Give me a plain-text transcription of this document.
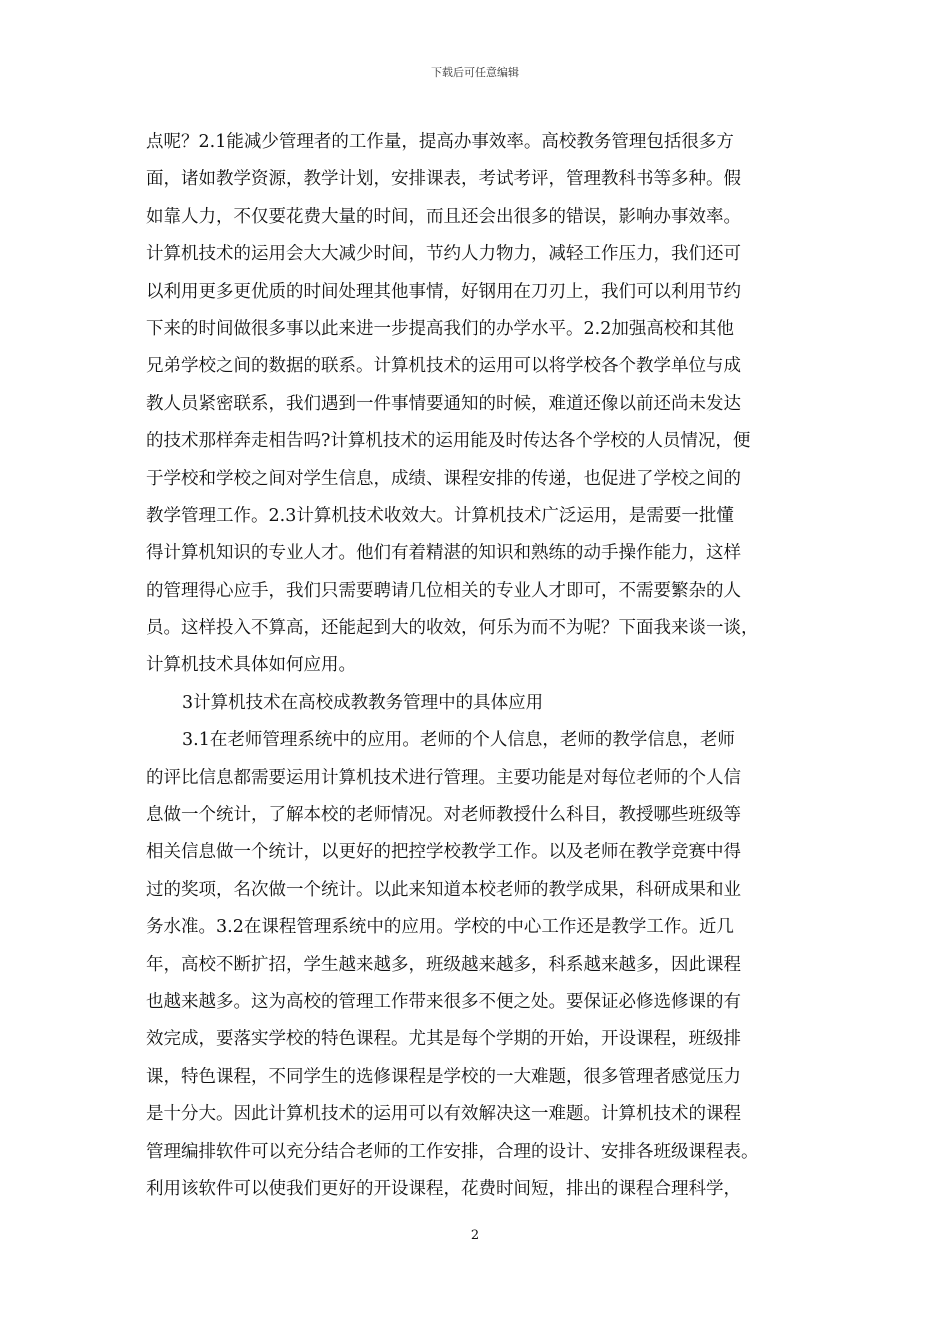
下载后可任意编辑
点呢？2.1能减少管理者的工作量，提高办事效率。高校教务管理包括很多方
面，诸如教学资源，教学计划，安排课表，考试考评，管理教科书等多种。假
如靠人力，不仅要花费大量的时间，而且还会出很多的错误，影响办事效率。
计算机技术的运用会大大减少时间，节约人力物力，减轻工作压力，我们还可
以利用更多更优质的时间处理其他事情，好钢用在刀刃上，我们可以利用节约
下来的时间做很多事以此来进一步提高我们的办学水平。2.2加强高校和其他
兄弟学校之间的数据的联系。计算机技术的运用可以将学校各个教学单位与成
教人员紧密联系，我们遇到一件事情要通知的时候，难道还像以前还尚未发达
的技术那样奔走相告吗?计算机技术的运用能及时传达各个学校的人员情况，便
于学校和学校之间对学生信息，成绩、课程安排的传递，也促进了学校之间的
教学管理工作。2.3计算机技术收效大。计算机技术广泛运用，是需要一批懂
得计算机知识的专业人才。他们有着精湛的知识和熟练的动手操作能力，这样
的管理得心应手，我们只需要聘请几位相关的专业人才即可，不需要繁杂的人
员。这样投入不算高，还能起到大的收效，何乐为而不为呢？下面我来谈一谈，
计算机技术具体如何应用。
3计算机技术在高校成教教务管理中的具体应用
3.1在老师管理系统中的应用。老师的个人信息，老师的教学信息，老师
的评比信息都需要运用计算机技术进行管理。主要功能是对每位老师的个人信
息做一个统计，了解本校的老师情况。对老师教授什么科目，教授哪些班级等
相关信息做一个统计，以更好的把控学校教学工作。以及老师在教学竞赛中得
过的奖项，名次做一个统计。以此来知道本校老师的教学成果，科研成果和业
务水准。3.2在课程管理系统中的应用。学校的中心工作还是教学工作。近几
年，高校不断扩招，学生越来越多，班级越来越多，科系越来越多，因此课程
也越来越多。这为高校的管理工作带来很多不便之处。要保证必修选修课的有
效完成，要落实学校的特色课程。尤其是每个学期的开始，开设课程，班级排
课，特色课程，不同学生的选修课程是学校的一大难题，很多管理者感觉压力
是十分大。因此计算机技术的运用可以有效解决这一难题。计算机技术的课程
管理编排软件可以充分结合老师的工作安排，合理的设计、安排各班级课程表。
利用该软件可以使我们更好的开设课程，花费时间短，排出的课程合理科学，
2
